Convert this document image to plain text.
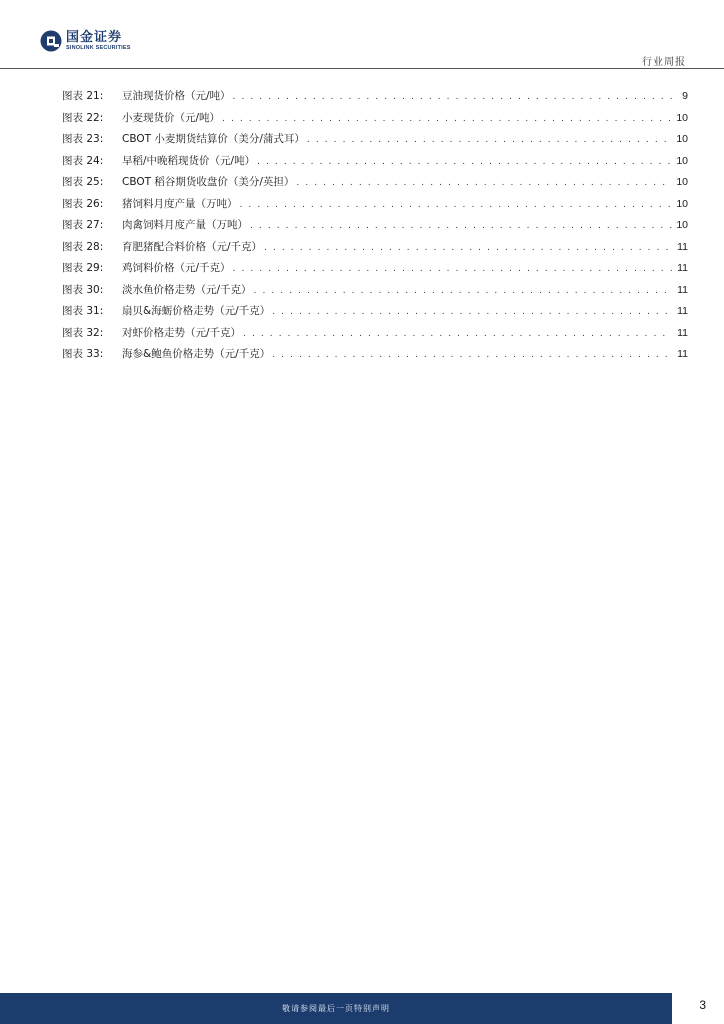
国金证券
SINOLINK SECURITIES
行业周报
图表 21:	豆油现货价格（元/吨） . . .	9
图表 22:	小麦现货价（元/吨） . . .	10
图表 23:	CBOT 小麦期货结算价（美分/蒲式耳） . . .	10
图表 24:	早稻/中晚稻现货价（元/吨） . . .	10
图表 25:	CBOT 稻谷期货收盘价（美分/英担） . . .	10
图表 26:	猪饲料月度产量（万吨） . . .	10
图表 27:	肉禽饲料月度产量（万吨） . . .	10
图表 28:	育肥猪配合料价格（元/千克） . . .	11
图表 29:	鸡饲料价格（元/千克） . . .	11
图表 30:	淡水鱼价格走势（元/千克） . . .	11
图表 31:	扇贝&海蛎价格走势（元/千克） . . .	11
图表 32:	对虾价格走势（元/千克） . . .	11
图表 33:	海参&鲍鱼价格走势（元/千克） . . .	11
敬请参阅最后一页特别声明	3
